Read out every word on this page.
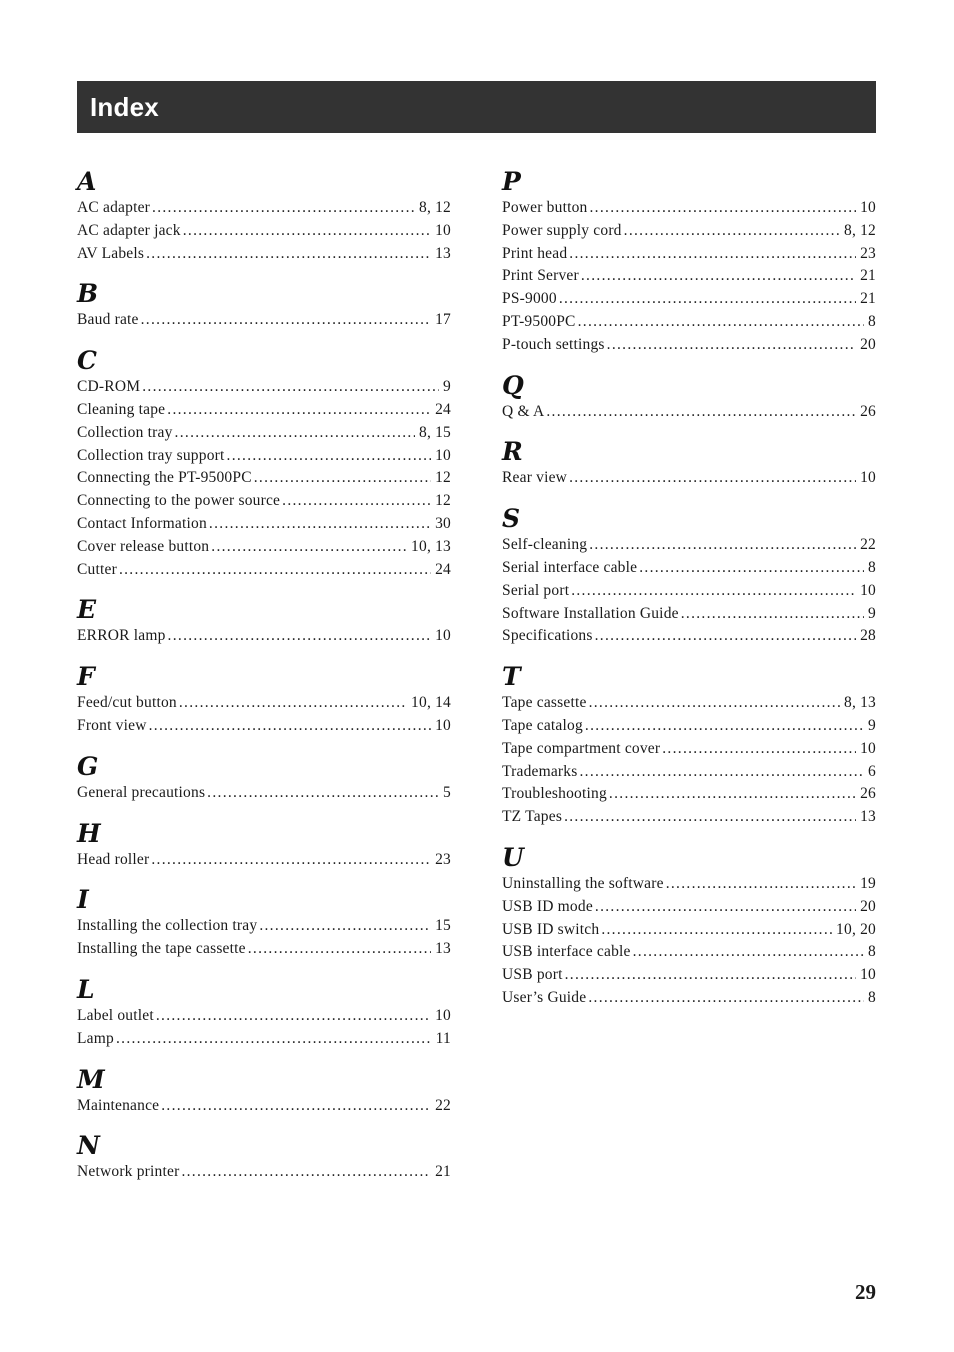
Index
A
AC adapter .....	8, 12
AC adapter jack .....	10
AV Labels .....	13
B
Baud rate .....	17
C
CD-ROM .....	9
Cleaning tape .....	24
Collection tray .....	8, 15
Collection tray support .....	10
Connecting the PT-9500PC .....	12
Connecting to the power source .....	12
Contact Information .....	30
Cover release button .....	10, 13
Cutter .....	24
E
ERROR lamp .....	10
F
Feed/cut button .....	10, 14
Front view .....	10
G
General precautions .....	5
H
Head roller .....	23
I
Installing the collection tray .....	15
Installing the tape cassette .....	13
L
Label outlet .....	10
Lamp .....	11
M
Maintenance .....	22
N
Network printer .....	21
P
Power button .....	10
Power supply cord .....	8, 12
Print head .....	23
Print Server .....	21
PS-9000 .....	21
PT-9500PC .....	8
P-touch settings .....	20
Q
Q & A .....	26
R
Rear view .....	10
S
Self-cleaning .....	22
Serial interface cable .....	8
Serial port .....	10
Software Installation Guide .....	9
Specifications .....	28
T
Tape cassette .....	8, 13
Tape catalog .....	9
Tape compartment cover .....	10
Trademarks .....	6
Troubleshooting .....	26
TZ Tapes .....	13
U
Uninstalling the software .....	19
USB ID mode .....	20
USB ID switch .....	10, 20
USB interface cable .....	8
USB port .....	10
User’s Guide .....	8
29
